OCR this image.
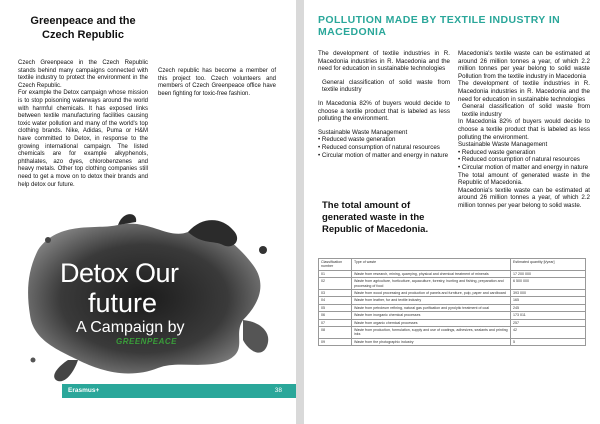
Greenpeace and the
Czech Republic

Czech Greenpeace in the Czech Republic stands behind many campaigns connected with textile industry to protect the environment in the Czech Republic.

For example the Detox campaign whose mission is to stop poisoning waterways around the world with harmful chemicals. It has exposed links between textile manufacturing facilities causing toxic water pollution and many of the world's top clothing brands. Nike, Adidas, Puma or H&M have committed to Detox, in response to the growing international campaign. The listed chemicals are for example alkyphenols, phthalates, azo dyes, chlorobenzenes and heavy metals. Other top clothing companies still need to get a move on to detox their brands and help detox our future.

Czech republic has become a member of this project too. Czech volunteers and members of Czech Greenpeace office have been fighting for toxic-free fashion.

Detox Our
future
A Campaign by
GREENPEACE
Erasmus+	38
POLLUTION MADE BY TEXTILE INDUSTRY IN MACEDONIA
The development of textile industries in R. Macedonia industries in R. Macedonia and the need for education in sustainable technologies
General classification of solid waste from textile industry
In Macedonia 82% of buyers would decide to choose a textile product that is labeled as less polluting the environment.
Sustainable Waste Management
• Reduced waste generation
• Reduced consumption of natural resources
• Circular motion of matter and energy in nature
Macedonia's textile waste can be estimated at around 26 million tonnes a year, of which 2.2 million tonnes per year belong to solid waste Pollution from the textile industry in Macedonia
The development of textile industries in R. Macedonia industries in R. Macedonia and the need for education in sustainable technologies
General classification of solid waste from textile industry
In Macedonia 82% of buyers would decide to choose a textile product that is labeled as less polluting the environment.
Sustainable Waste Management
• Reduced waste generation
• Reduced consumption of natural resources
• Circular motion of matter and energy in nature
The total amount of generated waste in the Republic of Macedonia.
Macedonia's textile waste can be estimated at around 26 million tonnes a year, of which 2.2 million tonnes per year belong to solid waste.
The total amount of generated waste in the Republic of Macedonia.
Classification number	Type of waste	Estimated quantity [t/year]
01	Waste from research, mining, quarrying, physical and chemical treatment of minerals	17 200 000
02	Waste from agriculture, horticulture, aquaculture, forestry, hunting and fishing, preparation and processing of food	6 500 000
03	Waste from wood processing and production of panels and furniture, pulp, paper and cardboard	393 000
04	Waste from leather, fur and textile industry	165
05	Waste from petroleum refining, natural gas purification and pyrolytic treatment of coal	245
06	Waste from inorganic chemical processes	173 011
07	Waste from organic chemical processes	257
08	Waste from production, formulation, supply and use of coatings, adhesives, sealants and printing inks	42
09	Waste from the photographic industry	5
